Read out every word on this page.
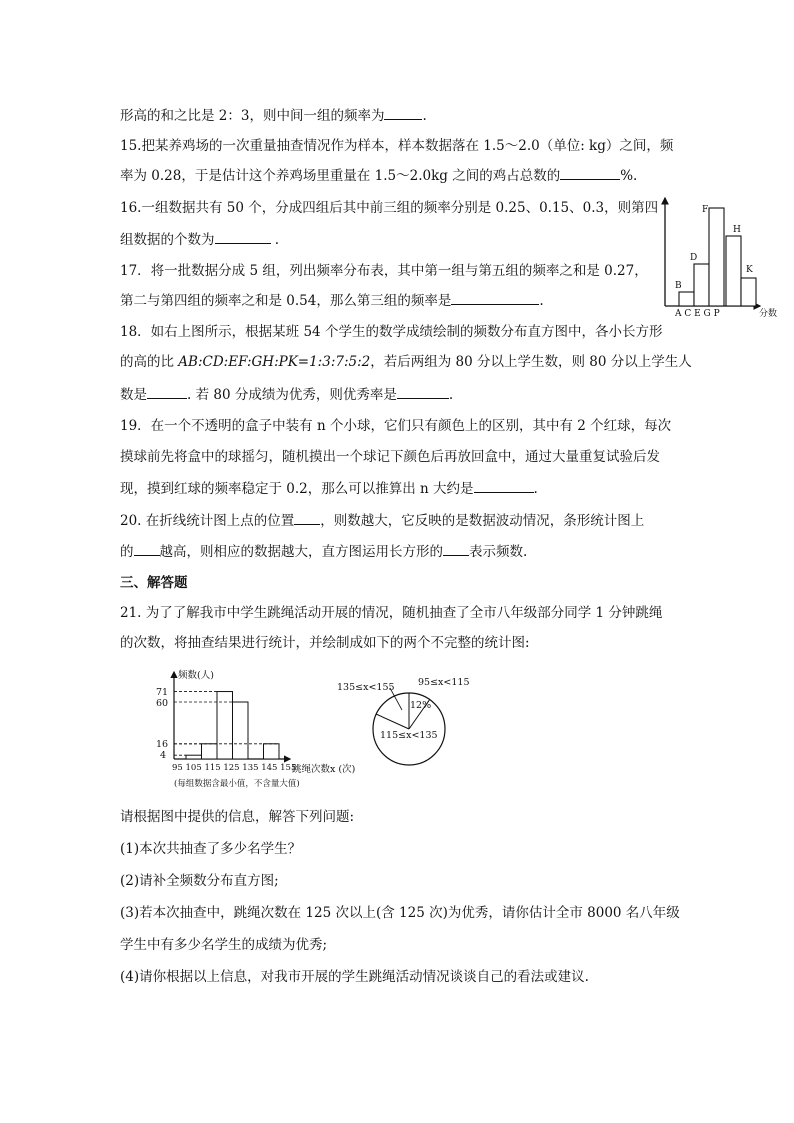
形高的和之比是 2：3，则中间一组的频率为	.

15.把某养鸡场的一次重量抽查情况作为样本，样本数据落在 1.5～2.0（单位: kg）之间，频

率为 0.28，于是估计这个养鸡场里重量在 1.5～2.0kg 之间的鸡占总数的	%.

16.一组数据共有 50 个，分成四组后其中前三组的频率分别是 0.25、0.15、0.3，则第四

组数据的个数为	.

17．将一批数据分成 5 组，列出频率分布表，其中第一组与第五组的频率之和是 0.27，

第二与第四组的频率之和是 0.54，那么第三组的频率是	.

18．如右上图所示，根据某班 54 个学生的数学成绩绘制的频数分布直方图中，各小长方形

的高的比 AB:CD:EF:GH:PK=1:3:7:5:2，若后两组为 80 分以上学生数，则 80 分以上学生人

数是	. 若 80 分成绩为优秀，则优秀率是	.

19．在一个不透明的盒子中装有 n 个小球，它们只有颜色上的区别，其中有 2 个红球，每次

摸球前先将盒中的球摇匀，随机摸出一个球记下颜色后再放回盒中，通过大量重复试验后发

现，摸到红球的频率稳定于 0.2，那么可以推算出 n 大约是	.

20. 在折线统计图上点的位置 ，则数越大，它反映的是数据波动情况，条形统计图上

的 越高，则相应的数据越大，直方图运用长方形的 表示频数.

三、解答题

21. 为了了解我市中学生跳绳活动开展的情况，随机抽查了全市八年级部分同学 1 分钟跳绳

的次数，将抽查结果进行统计，并绘制成如下的两个不完整的统计图:

请根据图中提供的信息，解答下列问题:

(1)本次共抽查了多少名学生？

(2)请补全频数分布直方图;

(3)若本次抽查中，跳绳次数在 125 次以上(含 125 次)为优秀，请你估计全市 8000 名八年级

学生中有多少名学生的成绩为优秀;

(4)请你根据以上信息，对我市开展的学生跳绳活动情况谈谈自己的看法或建议.

B
D
F
H
K
A C E G P	分数
频数(人)
71
60
16
4
95 105 115 125 135 145 155
跳绳次数x (次)
(每组数据含最小值，不含量大值)
135≤x<155 95≤x<115
12%
115≤x<135
